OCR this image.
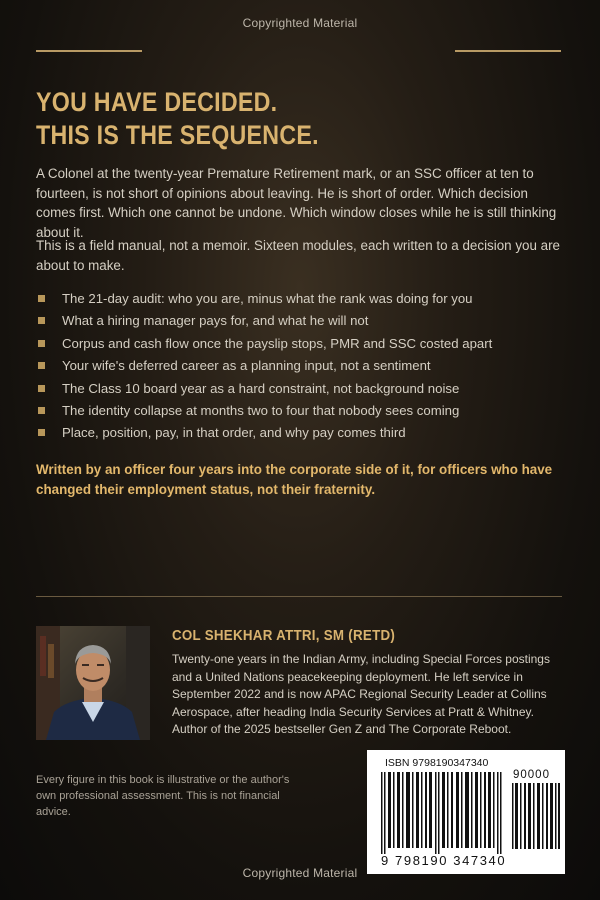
Copyrighted Material
YOU HAVE DECIDED.
THIS IS THE SEQUENCE.

A Colonel at the twenty-year Premature Retirement mark, or an SSC officer at ten to fourteen, is not short of opinions about leaving. He is short of order. Which decision comes first. Which one cannot be undone. Which window closes while he is still thinking about it.

This is a field manual, not a memoir. Sixteen modules, each written to a decision you are about to make.

The 21-day audit: who you are, minus what the rank was doing for you
What a hiring manager pays for, and what he will not
Corpus and cash flow once the payslip stops, PMR and SSC costed apart
Your wife's deferred career as a planning input, not a sentiment
The Class 10 board year as a hard constraint, not background noise
The identity collapse at months two to four that nobody sees coming
Place, position, pay, in that order, and why pay comes third

Written by an officer four years into the corporate side of it, for officers who have changed their employment status, not their fraternity.

COL SHEKHAR ATTRI, SM (RETD)

Twenty-one years in the Indian Army, including Special Forces postings and a United Nations peacekeeping deployment. He left service in September 2022 and is now APAC Regional Security Leader at Collins Aerospace, after heading India Security Services at Pratt & Whitney. Author of the 2025 bestseller Gen Z and The Corporate Reboot.

Every figure in this book is illustrative or the author's own professional assessment. This is not financial advice.

ISBN 9798190347340
90000
9 798190 347340
Copyrighted Material
